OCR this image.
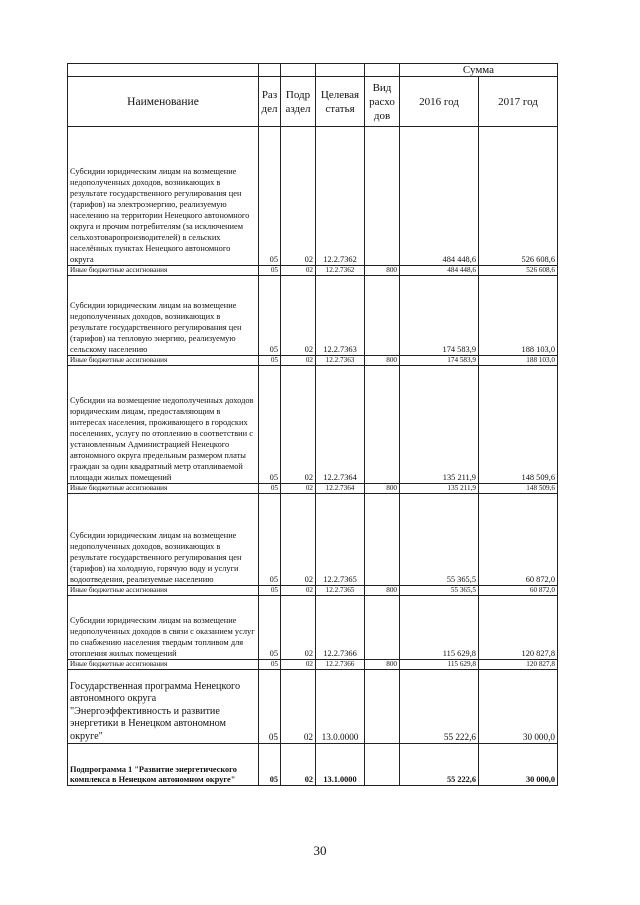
					Сумма	
Наименование	Раз дел	Подр аздел	Целевая статья	Вид расхо дов	2016 год	2017 год
Субсидии юридическим лицам на возмещение недополученных доходов, возникающих в результате государственного регулирования цен (тарифов) на электроэнергию, реализуемую населению на территории Ненецкого автономного округа и прочим потребителям (за исключением сельхозтоваропроизводителей) в сельских населённых пунктах Ненецкого автономного округа	05	02	12.2.7362		484 448,6	526 608,6
Иные бюджетные ассигнования	05	02	12.2.7362	800	484 448,6	526 608,6
Субсидии юридическим лицам на возмещение недополученных доходов, возникающих в результате государственного регулирования цен (тарифов) на тепловую энергию, реализуемую сельскому населению	05	02	12.2.7363		174 583,9	188 103,0
Иные бюджетные ассигнования	05	02	12.2.7363	800	174 583,9	188 103,0
Субсидии на возмещение недополученных доходов юридическим лицам, предоставляющим в интересах населения, проживающего в городских поселениях, услугу по отоплению в соответствии с установленным Администрацией Ненецкого автономного округа предельным размером платы граждан за один квадратный метр отапливаемой площади жилых помещений	05	02	12.2.7364		135 211,9	148 509,6
Иные бюджетные ассигнования	05	02	12.2.7364	800	135 211,9	148 509,6
Субсидии юридическим лицам на возмещение недополученных доходов, возникающих в результате государственного регулирования цен (тарифов) на холодную, горячую воду и услуги водоотведения, реализуемые населению	05	02	12.2.7365		55 365,5	60 872,0
Иные бюджетные ассигнования	05	02	12.2.7365	800	55 365,5	60 872,0
Субсидии юридическим лицам на возмещение недополученных доходов в связи с оказанием услуг по снабжению населения твердым топливом для отопления жилых помещений	05	02	12.2.7366		115 629,8	120 827,8
Иные бюджетные ассигнования	05	02	12.2.7366	800	115 629,8	120 827,8
Государственная программа Ненецкого автономного округа "Энергоэффективность и развитие энергетики в Ненецком автономном округе"	05	02	13.0.0000		55 222,6	30 000,0
Подпрограмма 1 "Развитие энергетического комплекса в Ненецком автономном округе"	05	02	13.1.0000		55 222,6	30 000,0
30
